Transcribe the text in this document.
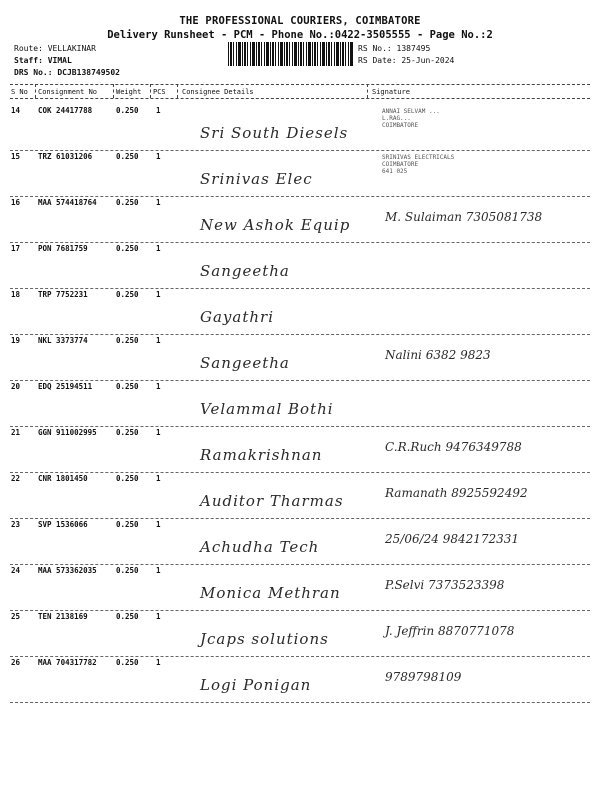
THE PROFESSIONAL COURIERS, COIMBATORE
Delivery Runsheet - PCM - Phone No.:0422-3505555 - Page No.:2
Route: VELLAKINAR
Staff: VIMAL
DRS No.: DCJB138749502
RS No.: 1387495
RS Date: 25-Jun-2024
S No Consignment No	Weight PCS Consignee Details	Signature
14 COK 24417788	0.250 1
Sri South Diesels
ANNAI SELVAM ...
L.RAG...
COIMBATORE
15 TRZ 61031206	0.250 1
Srinivas Elec
SRINIVAS ELECTRICALS
COIMBATORE
641 025
16 MAA 574418764	0.250 1
New Ashok Equip	M. Sulaiman 7305081738
17 PON 7681759	0.250 1
Sangeetha
18 TRP 7752231	0.250 1
Gayathri
19 NKL 3373774	0.250 1
Sangeetha	Nalini 6382 9823
20 EDQ 25194511	0.250 1
Velammal Bothi
21 GGN 911002995	0.250 1
Ramakrishnan	C.R.Ruch 9476349788
22 CNR 1801450	0.250 1
Auditor Tharmas	Ramanath 8925592492
23 SVP 1536066	0.250 1
Achudha Tech	25/06/24 9842172331
24 MAA 573362035	0.250 1
Monica Methran	P.Selvi 7373523398
25 TEN 2138169	0.250 1
Jcaps solutions	J. Jeffrin 8870771078
26 MAA 704317782	0.250 1
Logi Ponigan	9789798109
